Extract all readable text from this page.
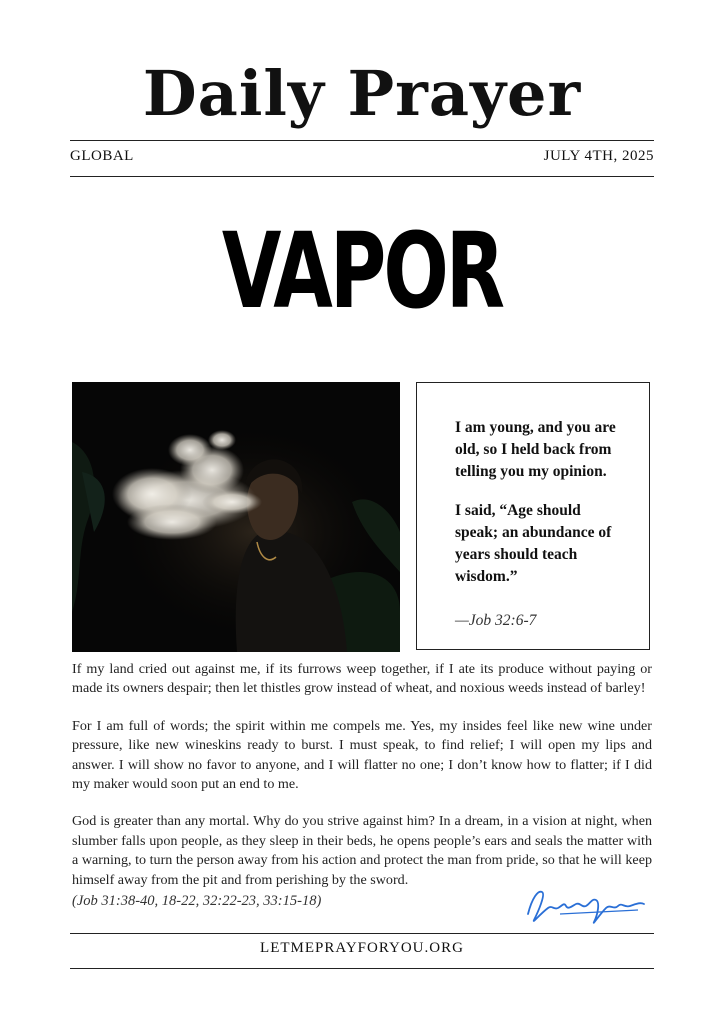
Daily Prayer
GLOBAL	JULY 4TH, 2025
VAPOR

I am young, and you are old, so I held back from telling you my opinion.

I said, “Age should speak; an abundance of years should teach wisdom.”

—Job 32:6-7

If my land cried out against me, if its furrows weep together, if I ate its produce without paying or made its owners despair; then let thistles grow instead of wheat, and noxious weeds instead of barley!

For I am full of words; the spirit within me compels me. Yes, my insides feel like new wine under pressure, like new wineskins ready to burst. I must speak, to find relief; I will open my lips and answer. I will show no favor to anyone, and I will flatter no one; I don’t know how to flatter; if I did my maker would soon put an end to me.

God is greater than any mortal. Why do you strive against him? In a dream, in a vision at night, when slumber falls upon people, as they sleep in their beds, he opens people’s ears and seals the matter with a warning, to turn the person away from his action and protect the man from pride, so that he will keep himself away from the pit and from perishing by the sword.

(Job 31:38-40, 18-22, 32:22-23, 33:15-18)
LETMEPRAYFORYOU.ORG
